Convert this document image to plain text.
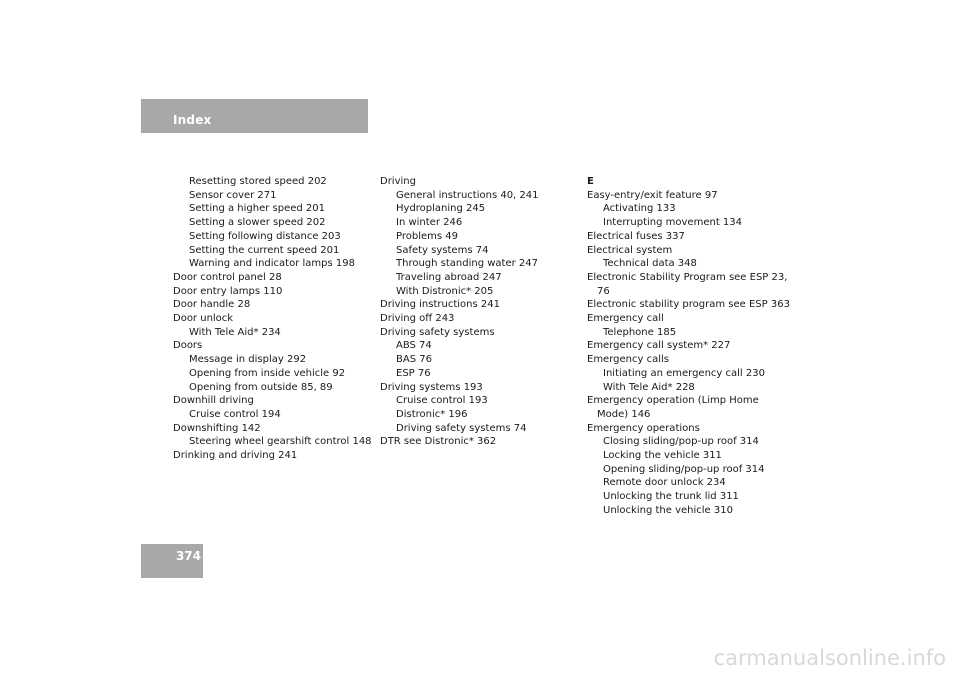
Index
Resetting stored speed 202
Sensor cover 271
Setting a higher speed 201
Setting a slower speed 202
Setting following distance 203
Setting the current speed 201
Warning and indicator lamps 198
Door control panel 28
Door entry lamps 110
Door handle 28
Door unlock
With Tele Aid* 234
Doors
Message in display 292
Opening from inside vehicle 92
Opening from outside 85, 89
Downhill driving
Cruise control 194
Downshifting 142
Steering wheel gearshift control 148
Drinking and driving 241
Driving
General instructions 40, 241
Hydroplaning 245
In winter 246
Problems 49
Safety systems 74
Through standing water 247
Traveling abroad 247
With Distronic* 205
Driving instructions 241
Driving off 243
Driving safety systems
ABS 74
BAS 76
ESP 76
Driving systems 193
Cruise control 193
Distronic* 196
Driving safety systems 74
DTR see Distronic* 362
E
Easy-entry/exit feature 97
Activating 133
Interrupting movement 134
Electrical fuses 337
Electrical system
Technical data 348
Electronic Stability Program see ESP 23, 76
Electronic stability program see ESP 363
Emergency call
Telephone 185
Emergency call system* 227
Emergency calls
Initiating an emergency call 230
With Tele Aid* 228
Emergency operation (Limp Home Mode) 146
Emergency operations
Closing sliding/pop-up roof 314
Locking the vehicle 311
Opening sliding/pop-up roof 314
Remote door unlock 234
Unlocking the trunk lid 311
Unlocking the vehicle 310
374
carmanualsonline.info
